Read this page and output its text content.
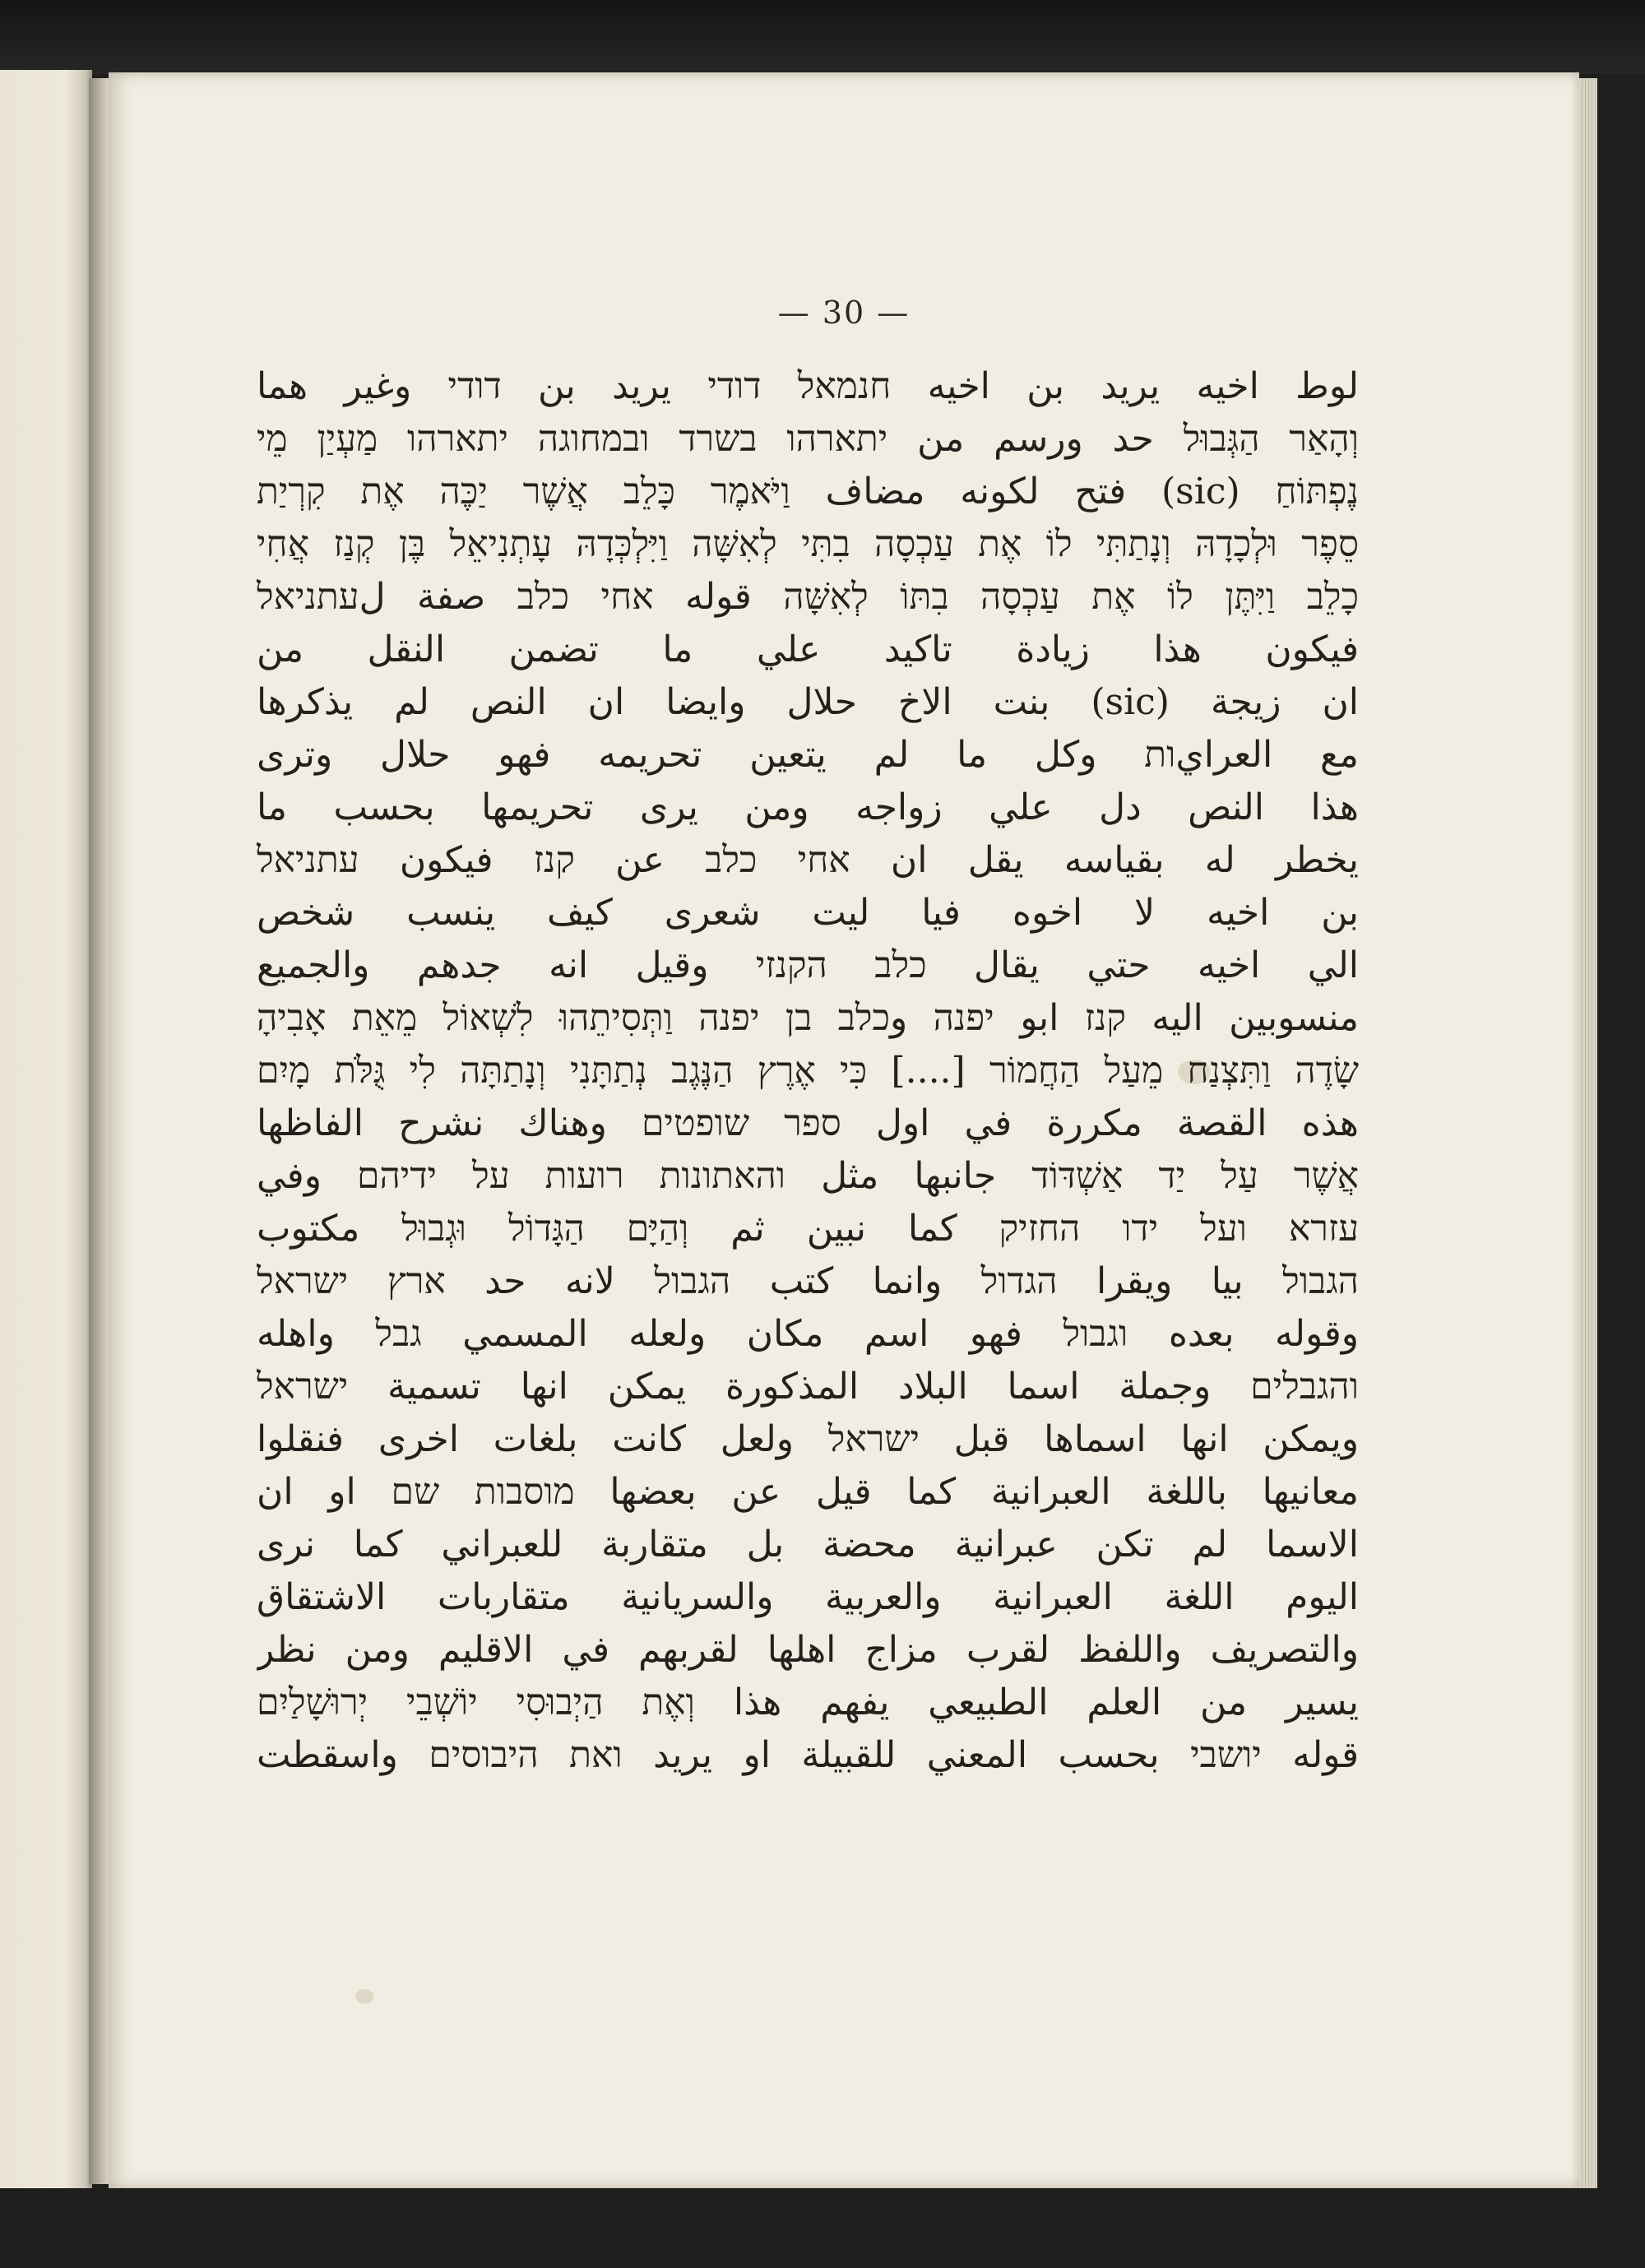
— 30 —
لوط اخيه يريد بن اخيه חנמאל דודי يريد بن דודי وغير هما
וְהָאַר הַגְּבוּל حد ورسم من יתארהו בשרד ובמחוגה יתארהו מַעְיַן מֵי
נֶפְתּוֹחַ (sic) فتح لكونه مضاف וַיֹּאמֶר כָּלֵב אֲשֶׁר יַכֶּה אֶת קִרְיַת
סֵפֶר וּלְכָדָהּ וְנָתַתִּי לוֹ אֶת עַכְסָה בִתִּי לְאִשָּׁה וַיִּלְכְּדָהּ עָתְנִיאֵל בֶּן קְנַז אֲחִי
כָלֵב וַיִּתֶּן לוֹ אֶת עַכְסָה בִתּוֹ לְאִשָּׁה قوله אחי כלב صفة لעתניאל
فيكون هذا زيادة تاكيد علي ما تضمن النقل من
ان زيجة (sic) بنت الاخ حلال وايضا ان النص لم يذكرها
مع العرايות وكل ما لم يتعين تحريمه فهو حلال وترى
هذا النص دل علي زواجه ومن يرى تحريمها بحسب ما
يخطر له بقياسه يقل ان אחי כלב عن קנז فيكون עתניאל
بن اخيه لا اخوه فيا ليت شعرى كيف ينسب شخص
الي اخيه حتي يقال כלב הקנזי وقيل انه جدهم والجميع
منسوبين اليه קנז ابو יפנה وכלב בן יפנה וַתְּסִיתֵהוּ לִשְׁאוֹל מֵאֵת אָבִיהָ
שָׂדֶה וַתִּצְנַח מֵעַל הַחֲמוֹר [....] כִּי אֶרֶץ הַנֶּגֶב נְתַתָּנִי וְנָתַתָּה לִי גֻּלֹּת מָיִם
هذه القصة مكررة في اول ספר שופטים وهناك نشرح الفاظها
אֲשֶׁר עַל יַד אַשְׁדּוֹד جانبها مثل והאתונות רועות על ידיהם وفي
עזרא ועל ידו החזיק كما نبين ثم וְהַיָּם הַגָּדוֹל וּגְבוּל مكتوب
הגבול بيا ويقرا הגדול وانما كتب הגבול لانه حد ארץ ישראל
وقوله بعده וגבול فهو اسم مكان ولعله المسمي גבל واهله
והגבלים وجملة اسما البلاد المذكورة يمكن انها تسمية ישראל
ويمكن انها اسماها قبل ישראל ولعل كانت بلغات اخرى فنقلوا
معانيها باللغة العبرانية كما قيل عن بعضها מוסבות שם او ان
الاسما لم تكن عبرانية محضة بل متقاربة للعبراني كما نرى
اليوم اللغة العبرانية والعربية والسريانية متقاربات الاشتقاق
والتصريف واللفظ لقرب مزاج اهلها لقربهم في الاقليم ومن نظر
يسير من العلم الطبيعي يفهم هذا וְאֶת הַיְבוּסִי יוֹשְׁבֵי יְרוּשָׁלַיִם
قوله יושבי بحسب المعني للقبيلة او يريد ואת היבוסים واسقطت
